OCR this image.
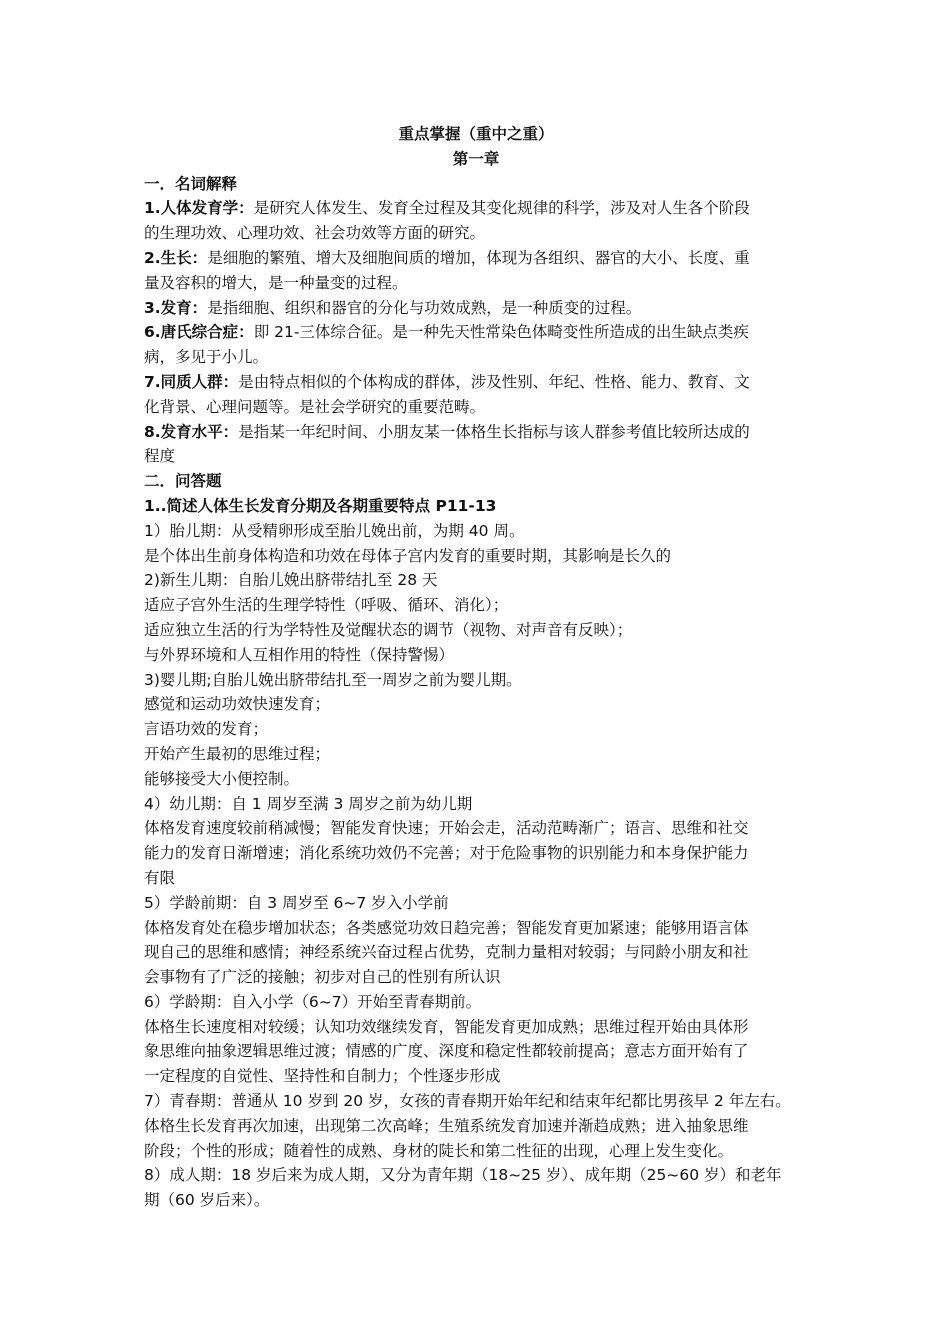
重点掌握（重中之重）
第一章
一．名词解释
1.人体发育学：是研究人体发生、发育全过程及其变化规律的科学，涉及对人生各个阶段
的生理功效、心理功效、社会功效等方面的研究。
2.生长：是细胞的繁殖、增大及细胞间质的增加，体现为各组织、器官的大小、长度、重
量及容积的增大，是一种量变的过程。
3.发育：是指细胞、组织和器官的分化与功效成熟，是一种质变的过程。
6.唐氏综合症：即 21-三体综合征。是一种先天性常染色体畸变性所造成的出生缺点类疾
病，多见于小儿。
7.同质人群：是由特点相似的个体构成的群体，涉及性别、年纪、性格、能力、教育、文
化背景、心理问题等。是社会学研究的重要范畴。
8.发育水平：是指某一年纪时间、小朋友某一体格生长指标与该人群参考值比较所达成的
程度
二．问答题
1..简述人体生长发育分期及各期重要特点 P11-13
1）胎儿期：从受精卵形成至胎儿娩出前，为期 40 周。
是个体出生前身体构造和功效在母体子宫内发育的重要时期，其影响是长久的
2)新生儿期：自胎儿娩出脐带结扎至 28 天
适应子宫外生活的生理学特性（呼吸、循环、消化）；
适应独立生活的行为学特性及觉醒状态的调节（视物、对声音有反映）；
与外界环境和人互相作用的特性（保持警惕）
3)婴儿期;自胎儿娩出脐带结扎至一周岁之前为婴儿期。
感觉和运动功效快速发育；
言语功效的发育；
开始产生最初的思维过程；
能够接受大小便控制。
4）幼儿期：自 1 周岁至满 3 周岁之前为幼儿期
体格发育速度较前稍减慢；智能发育快速；开始会走，活动范畴渐广；语言、思维和社交
能力的发育日渐增速；消化系统功效仍不完善；对于危险事物的识别能力和本身保护能力
有限
5）学龄前期：自 3 周岁至 6~7 岁入小学前
体格发育处在稳步增加状态；各类感觉功效日趋完善；智能发育更加紧速；能够用语言体
现自己的思维和感情；神经系统兴奋过程占优势，克制力量相对较弱；与同龄小朋友和社
会事物有了广泛的接触；初步对自己的性别有所认识
6）学龄期：自入小学（6~7）开始至青春期前。
体格生长速度相对较缓；认知功效继续发育，智能发育更加成熟；思维过程开始由具体形
象思维向抽象逻辑思维过渡；情感的广度、深度和稳定性都较前提高；意志方面开始有了
一定程度的自觉性、坚持性和自制力；个性逐步形成
7）青春期：普通从 10 岁到 20 岁，女孩的青春期开始年纪和结束年纪都比男孩早 2 年左右。
体格生长发育再次加速，出现第二次高峰；生殖系统发育加速并渐趋成熟；进入抽象思维
阶段；个性的形成；随着性的成熟、身材的陡长和第二性征的出现，心理上发生变化。
8）成人期：18 岁后来为成人期，又分为青年期（18~25 岁）、成年期（25~60 岁）和老年
期（60 岁后来）。
